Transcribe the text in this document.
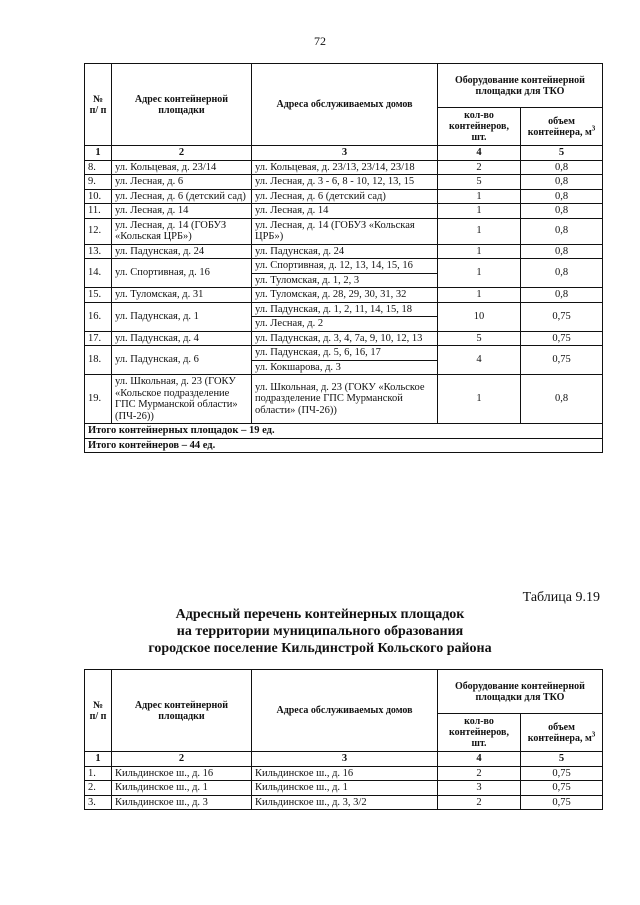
72
№ п/ п	Адрес контейнерной площадки	Адреса обслуживаемых домов	Оборудование контейнерной площадки для ТКО	
			кол-во контейнеров, шт.	объем контейнера, $м^3$
1	2	3	4	5
8.	ул. Кольцевая, д. 23/14	ул. Кольцевая, д. 23/13, 23/14, 23/18	2	0,8
9.	ул. Лесная, д. 6	ул. Лесная, д. 3 - 6, 8 - 10, 12, 13, 15	5	0,8
10.	ул. Лесная, д. 6 (детский сад)	ул. Лесная, д. 6 (детский сад)	1	0,8
11.	ул. Лесная, д. 14	ул. Лесная, д. 14	1	0,8
12.	ул. Лесная, д. 14 (ГОБУЗ «Кольская ЦРБ»)	ул. Лесная, д. 14 (ГОБУЗ «Кольская ЦРБ»)	1	0,8
13.	ул. Падунская, д. 24	ул. Падунская, д. 24	1	0,8
14.	ул. Спортивная, д. 16	ул. Спортивная, д. 12, 13, 14, 15, 16	1	0,8
		ул. Туломская, д. 1, 2, 3		
15.	ул. Туломская, д. 31	ул. Туломская, д. 28, 29, 30, 31, 32	1	0,8
16.	ул. Падунская, д. 1	ул. Падунская, д. 1, 2, 11, 14, 15, 18	10	0,75
		ул. Лесная, д. 2		
17.	ул. Падунская, д. 4	ул. Падунская, д. 3, 4, 7а, 9, 10, 12, 13	5	0,75
18.	ул. Падунская, д. 6	ул. Падунская, д. 5, 6, 16, 17	4	0,75
		ул. Кокшарова, д. 3		
19.	ул. Школьная, д. 23 (ГОКУ «Кольское подразделение ГПС Мурманской области» (ПЧ-26))	ул. Школьная, д. 23 (ГОКУ «Кольское подразделение ГПС Мурманской области» (ПЧ-26))	1	0,8
Итого контейнерных площадок – 19 ед.				
Итого контейнеров – 44 ед.				
Таблица 9.19
Адресный перечень контейнерных площадок
на территории муниципального образования
городское поселение Кильдинстрой Кольского района
№ п/ п	Адрес контейнерной площадки	Адреса обслуживаемых домов	Оборудование контейнерной площадки для ТКО	
			кол-во контейнеров, шт.	объем контейнера, $м^3$
1	2	3	4	5
1.	Кильдинское ш., д. 16	Кильдинское ш., д. 16	2	0,75
2.	Кильдинское ш., д. 1	Кильдинское ш., д. 1	3	0,75
3.	Кильдинское ш., д. 3	Кильдинское ш., д. 3, 3/2	2	0,75
